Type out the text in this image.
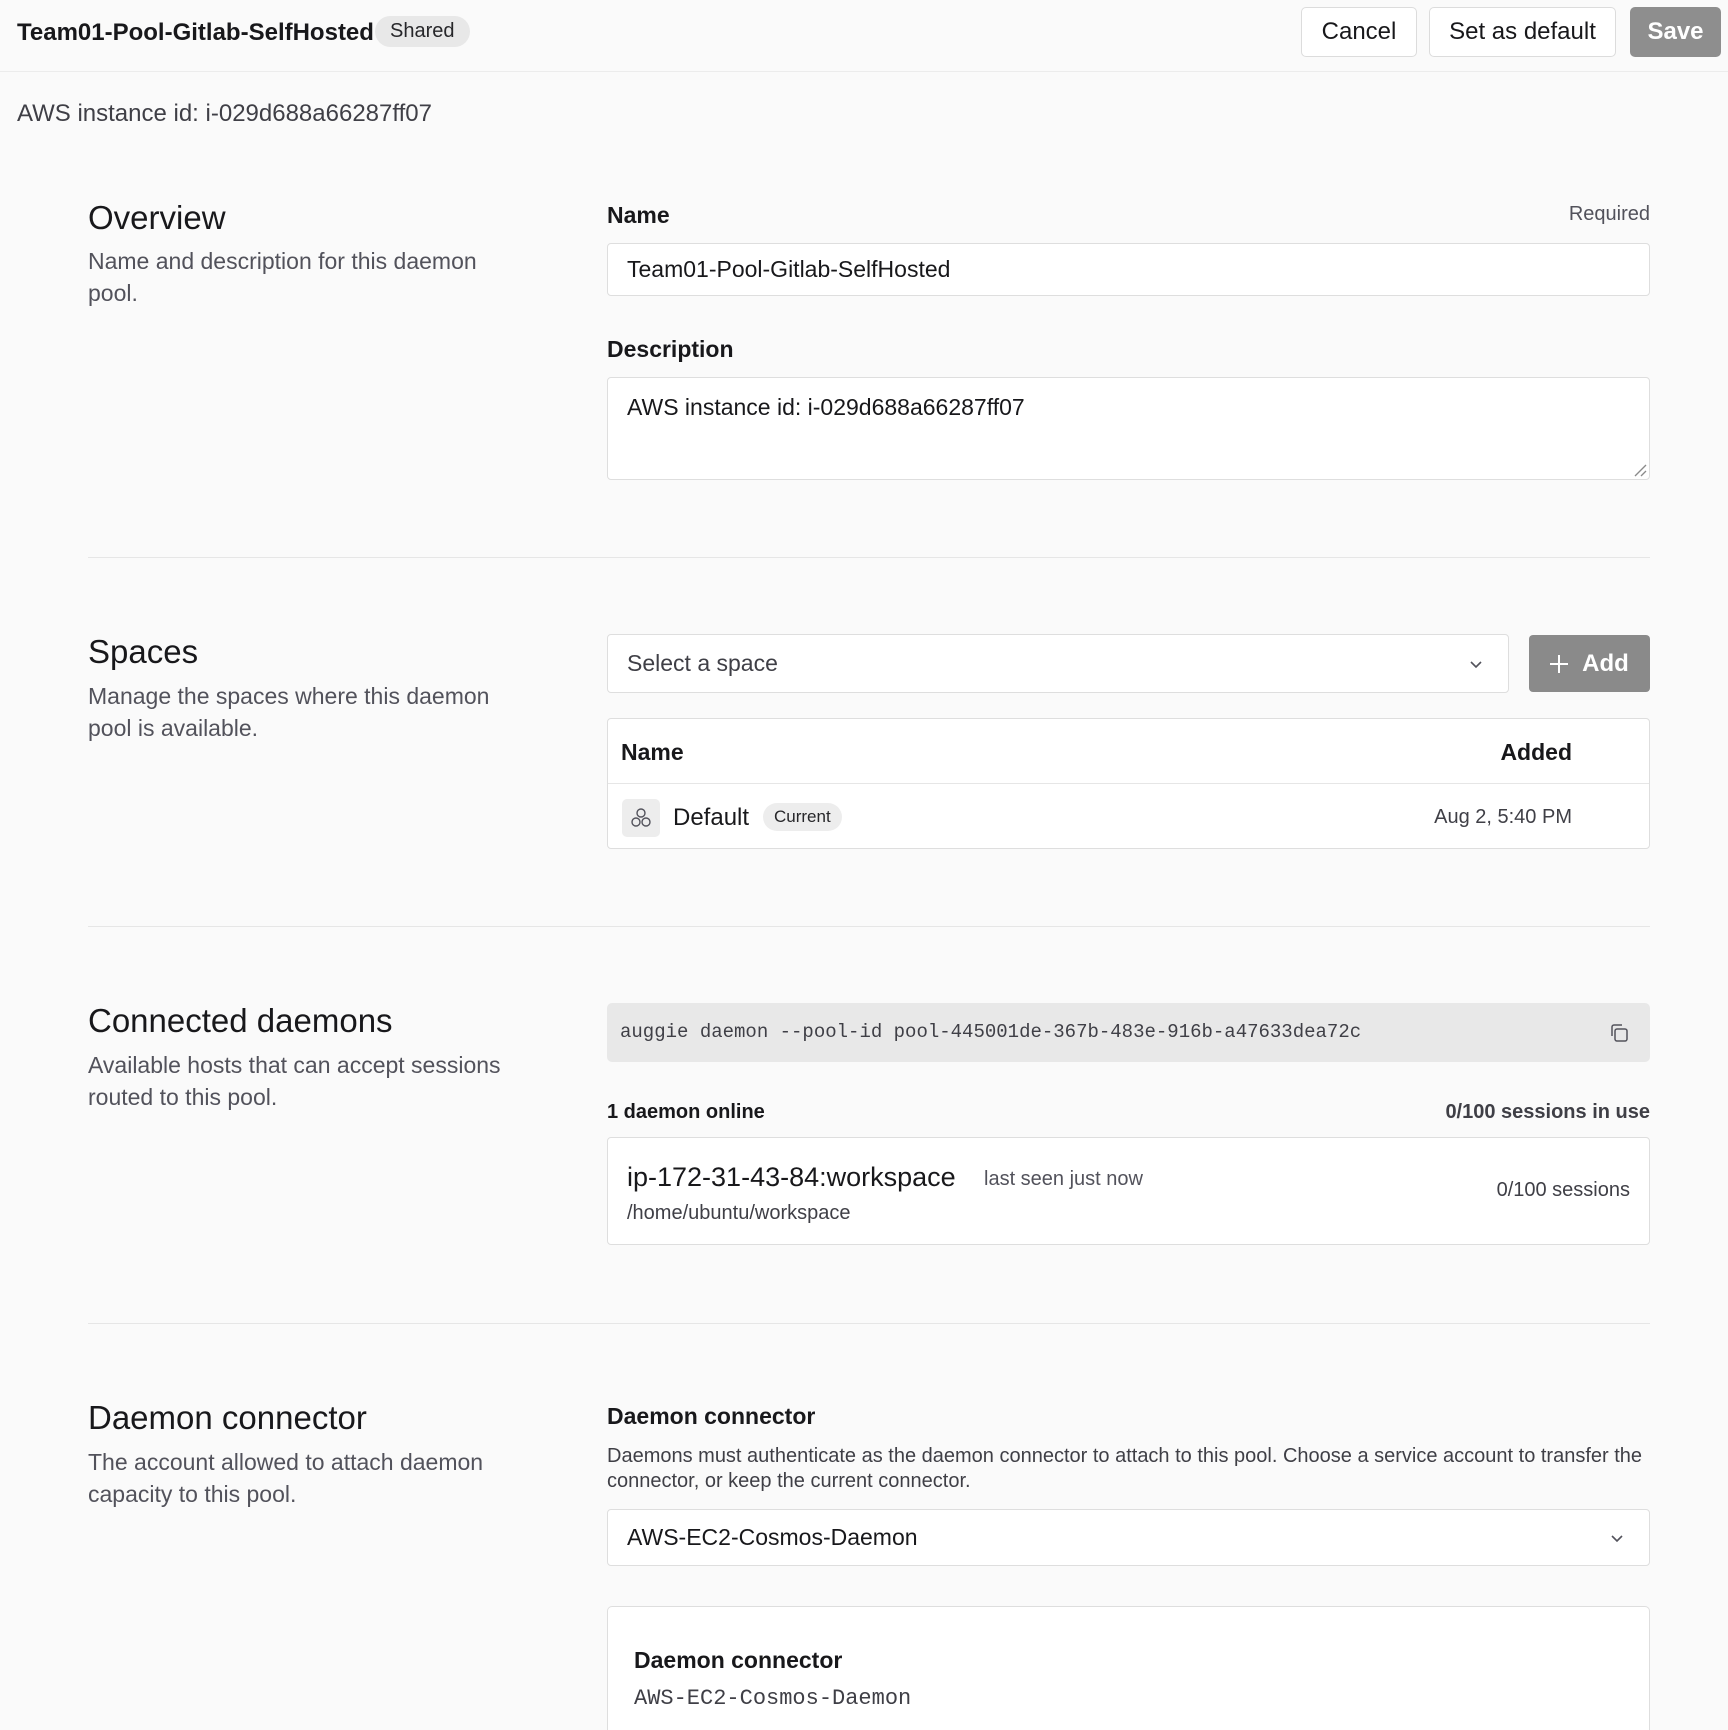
Team01-Pool-Gitlab-SelfHosted Shared	Cancel	Set as default	Save
AWS instance id: i-029d688a66287ff07
Overview
Name and description for this daemon pool.
Name	Required
Team01-Pool-Gitlab-SelfHosted
Description
AWS instance id: i-029d688a66287ff07
Spaces
Manage the spaces where this daemon pool is available.
Select a space	Add
Name	Added
Default	Current	Aug 2, 5:40 PM
Connected daemons
Available hosts that can accept sessions routed to this pool.
auggie daemon --pool-id pool-445001de-367b-483e-916b-a47633dea72c
1 daemon online	0/100 sessions in use
ip-172-31-43-84:workspace last seen just now
/home/ubuntu/workspace
0/100 sessions
Daemon connector
The account allowed to attach daemon capacity to this pool.
Daemon connector
Daemons must authenticate as the daemon connector to attach to this pool. Choose a service account to transfer the connector, or keep the current connector.
AWS-EC2-Cosmos-Daemon
Daemon connector
AWS-EC2-Cosmos-Daemon
